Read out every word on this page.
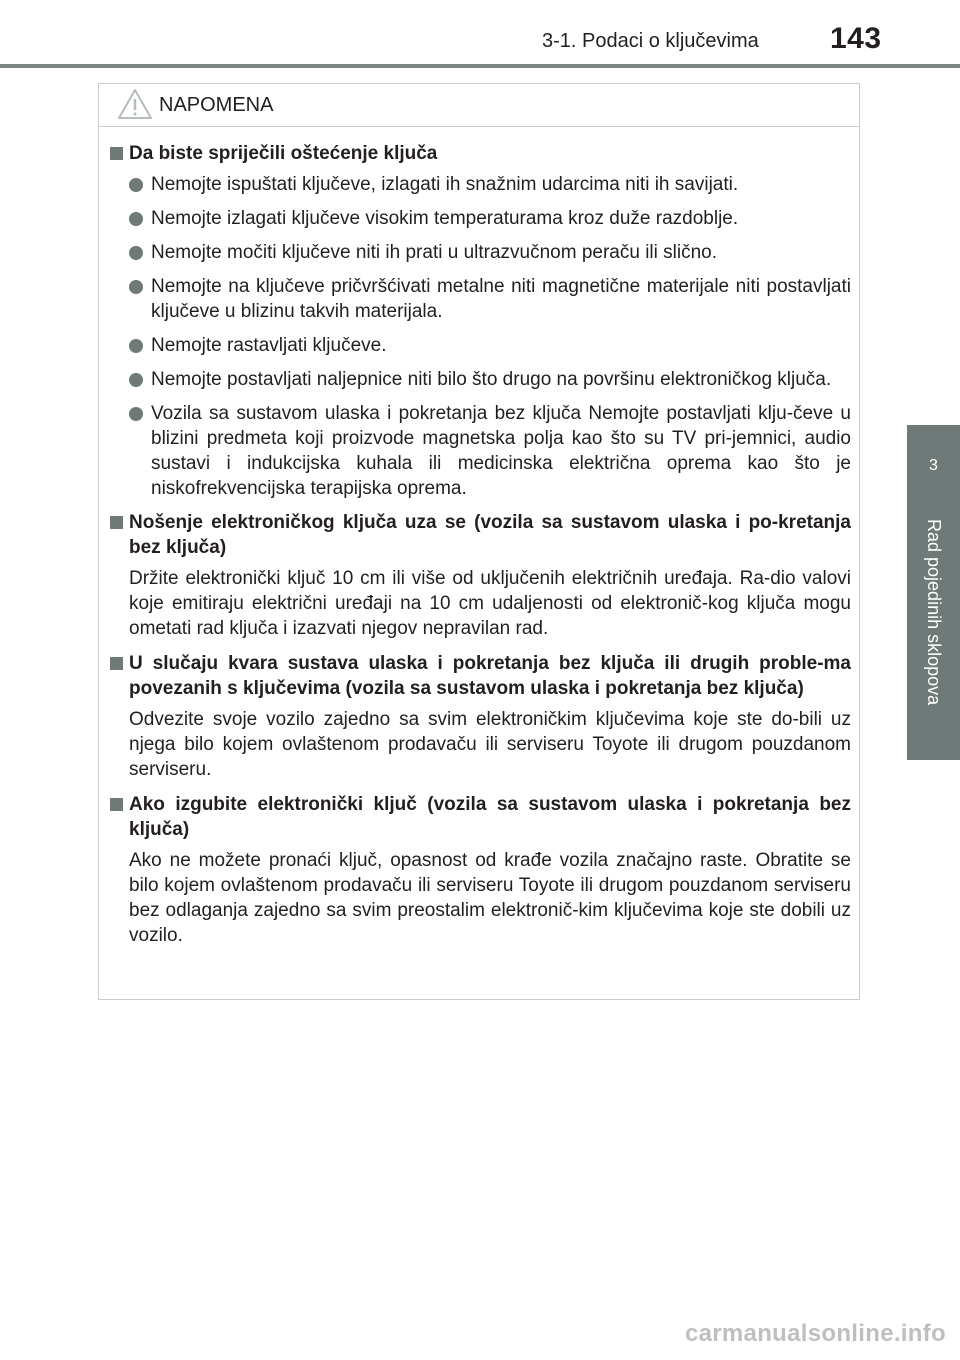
3-1. Podaci o ključevima 143
3
Rad pojedinih sklopova
NAPOMENA
Da biste spriječili oštećenje ključa
Nemojte ispuštati ključeve, izlagati ih snažnim udarcima niti ih savijati.
Nemojte izlagati ključeve visokim temperaturama kroz duže razdoblje.
Nemojte močiti ključeve niti ih prati u ultrazvučnom peraču ili slično.
Nemojte na ključeve pričvršćivati metalne niti magnetične materijale niti postavljati ključeve u blizinu takvih materijala.
Nemojte rastavljati ključeve.
Nemojte postavljati naljepnice niti bilo što drugo na površinu elektroničkog ključa.
Vozila sa sustavom ulaska i pokretanja bez ključa Nemojte postavljati klju-čeve u blizini predmeta koji proizvode magnetska polja kao što su TV pri-jemnici, audio sustavi i indukcijska kuhala ili medicinska električna oprema kao što je niskofrekvencijska terapijska oprema.
Nošenje elektroničkog ključa uza se (vozila sa sustavom ulaska i po-kretanja bez ključa)
Držite elektronički ključ 10 cm ili više od uključenih električnih uređaja. Ra-dio valovi koje emitiraju električni uređaji na 10 cm udaljenosti od elektronič-kog ključa mogu ometati rad ključa i izazvati njegov nepravilan rad.
U slučaju kvara sustava ulaska i pokretanja bez ključa ili drugih proble-ma povezanih s ključevima (vozila sa sustavom ulaska i pokretanja bez ključa)
Odvezite svoje vozilo zajedno sa svim elektroničkim ključevima koje ste do-bili uz njega bilo kojem ovlaštenom prodavaču ili serviseru Toyote ili drugom pouzdanom serviseru.
Ako izgubite elektronički ključ (vozila sa sustavom ulaska i pokretanja bez ključa)
Ako ne možete pronaći ključ, opasnost od krađe vozila značajno raste. Obratite se bilo kojem ovlaštenom prodavaču ili serviseru Toyote ili drugom pouzdanom serviseru bez odlaganja zajedno sa svim preostalim elektronič-kim ključevima koje ste dobili uz vozilo.
carmanualsonline.info
